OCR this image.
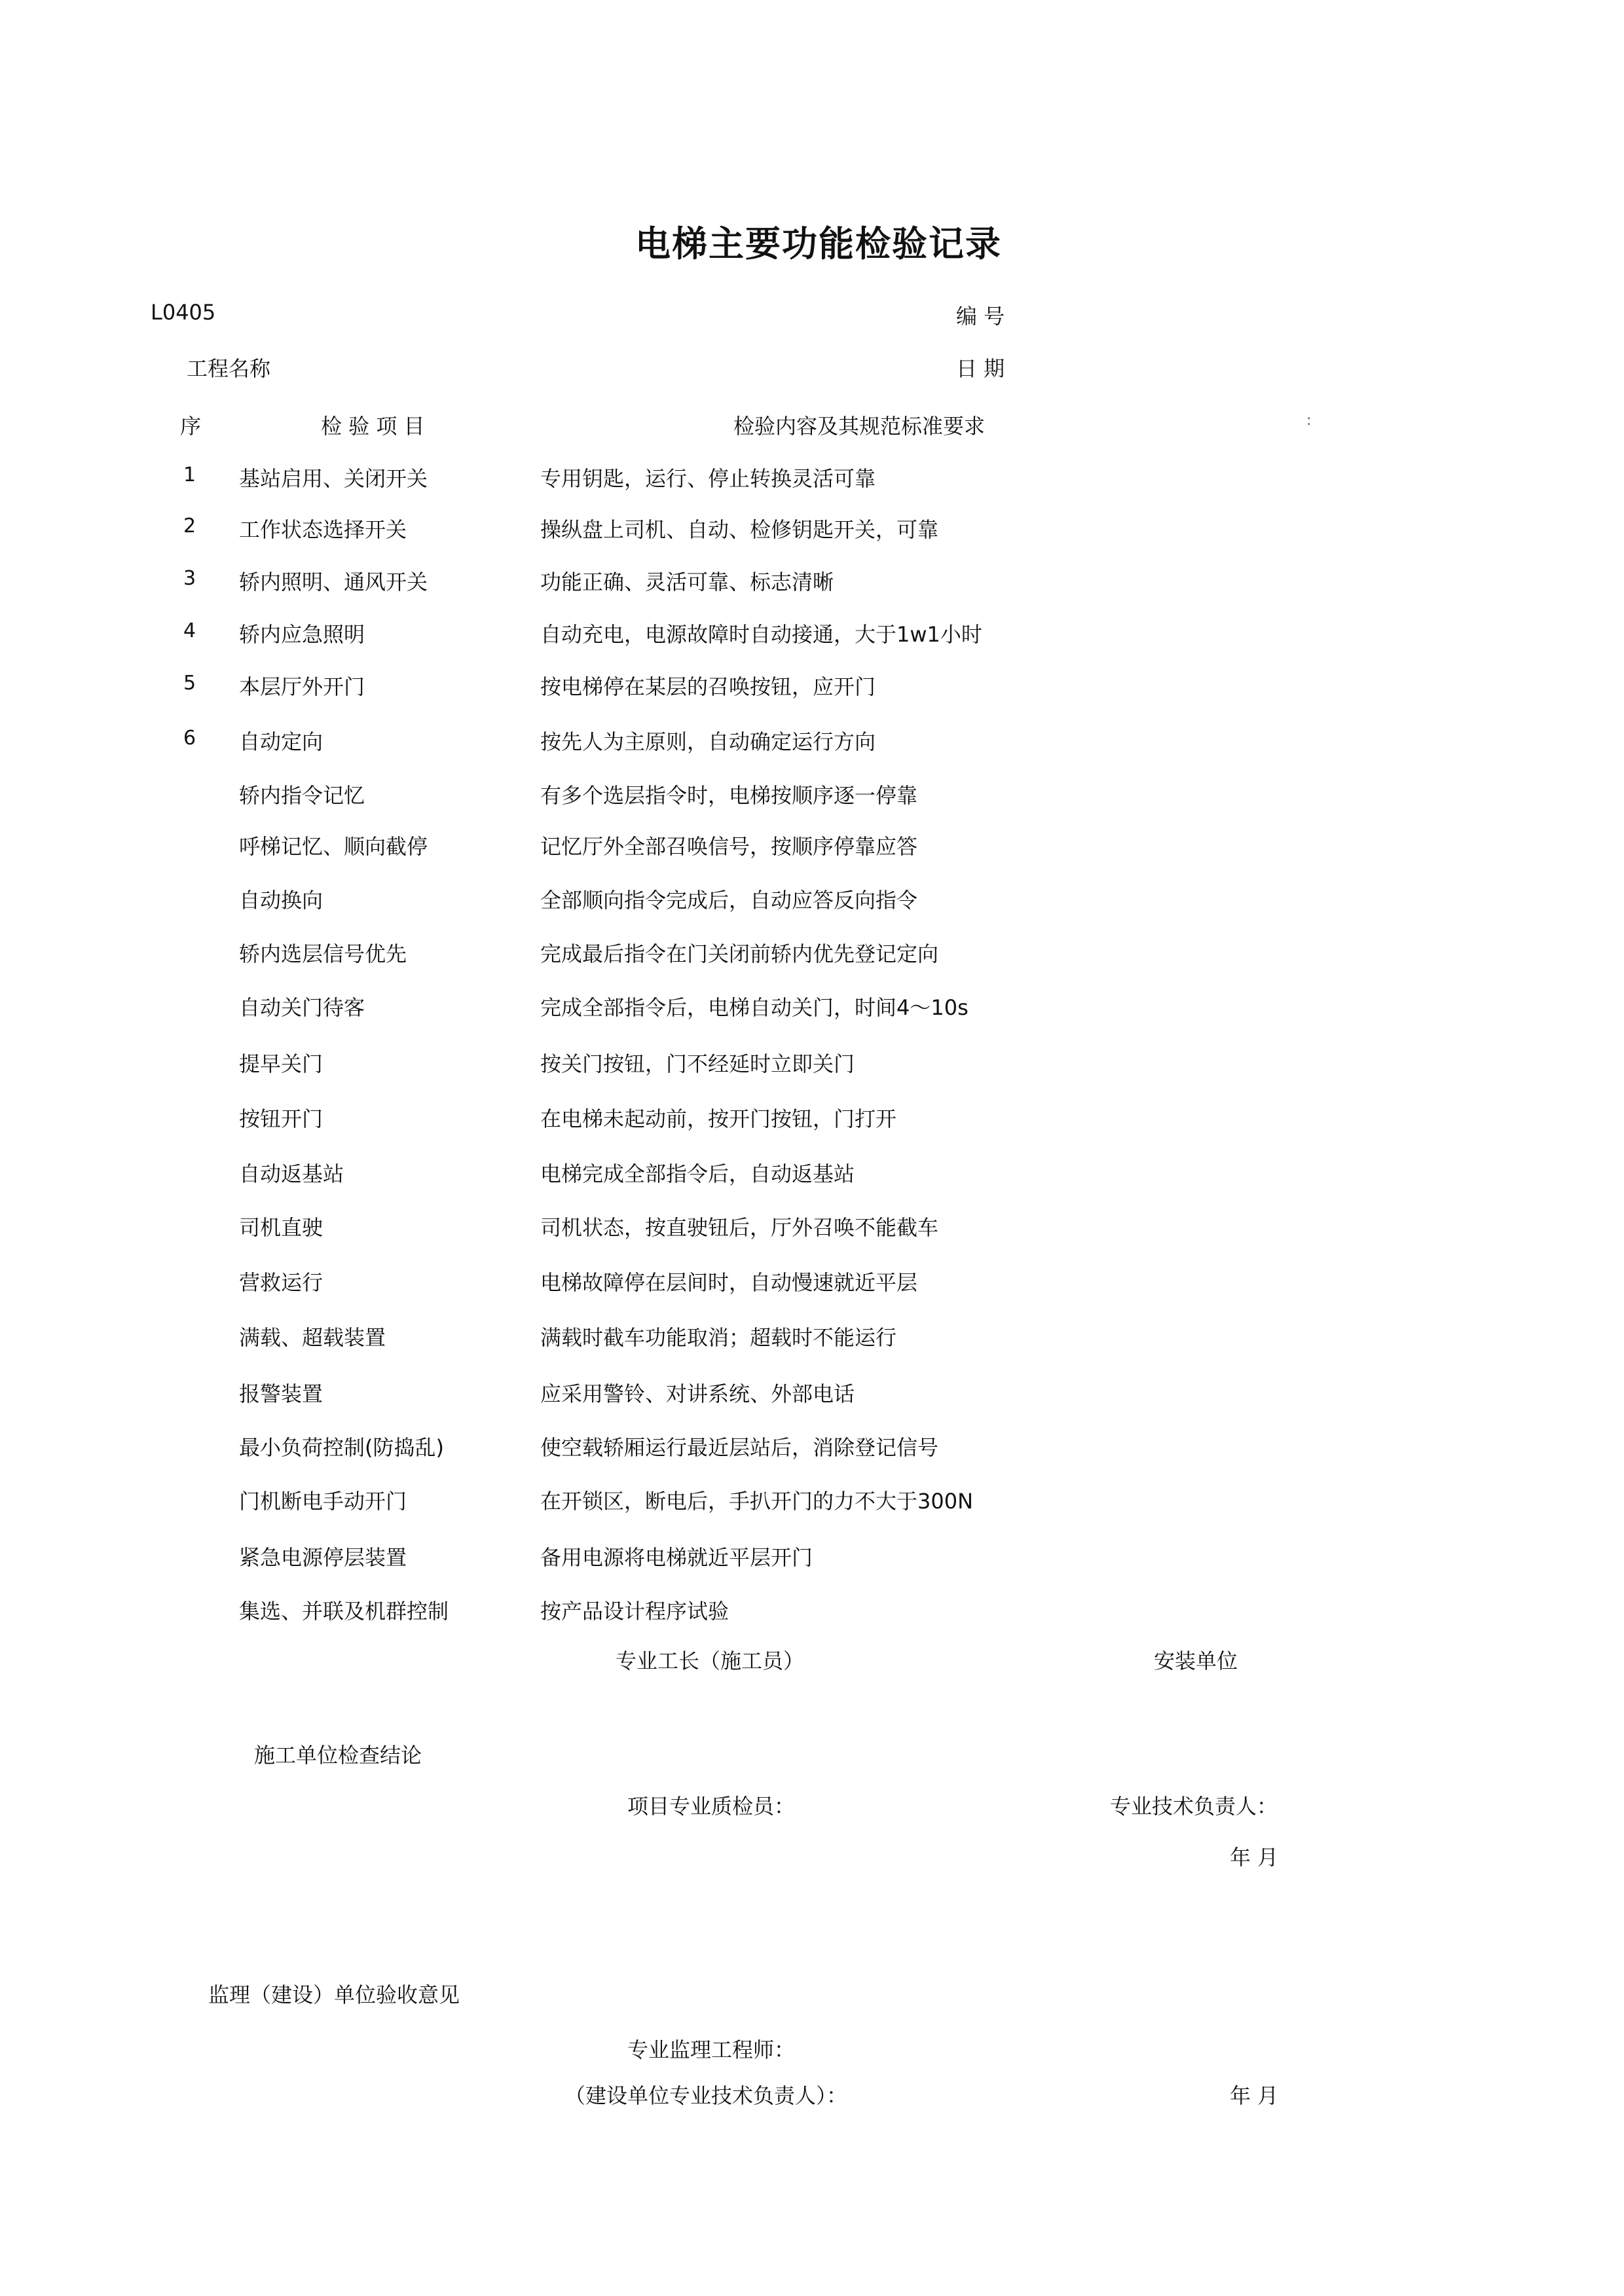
电梯主要功能检验记录
L0405	编 号
工程名称	日 期
序	检 验 项 目	检验内容及其规范标准要求	:
1 基站启用、关闭开关	专用钥匙，运行、停止转换灵活可靠
2 工作状态选择开关	操纵盘上司机、自动、检修钥匙开关，可靠
3 轿内照明、通风开关	功能正确、灵活可靠、标志清晰
4 轿内应急照明	自动充电，电源故障时自动接通，大于1w1小时
5 本层厅外开门	按电梯停在某层的召唤按钮，应开门
6 自动定向	按先人为主原则，自动确定运行方向
轿内指令记忆	有多个选层指令时，电梯按顺序逐一停靠
呼梯记忆、顺向截停	记忆厅外全部召唤信号，按顺序停靠应答
自动换向	全部顺向指令完成后，自动应答反向指令
轿内选层信号优先	完成最后指令在门关闭前轿内优先登记定向
自动关门待客	完成全部指令后，电梯自动关门，时间4～10s
提早关门	按关门按钮，门不经延时立即关门
按钮开门	在电梯未起动前，按开门按钮，门打开
自动返基站	电梯完成全部指令后，自动返基站
司机直驶	司机状态，按直驶钮后，厅外召唤不能截车
营救运行	电梯故障停在层间时，自动慢速就近平层
满载、超载装置	满载时截车功能取消；超载时不能运行
报警装置	应采用警铃、对讲系统、外部电话
最小负荷控制(防捣乱)	使空载轿厢运行最近层站后，消除登记信号
门机断电手动开门	在开锁区，断电后，手扒开门的力不大于300N
紧急电源停层装置	备用电源将电梯就近平层开门
集选、并联及机群控制	按产品设计程序试验
专业工长（施工员）	安装单位
施工单位检查结论
项目专业质检员：	专业技术负责人：
年 月
监理（建设）单位验收意见
专业监理工程师：
（建设单位专业技术负责人）：	年 月
